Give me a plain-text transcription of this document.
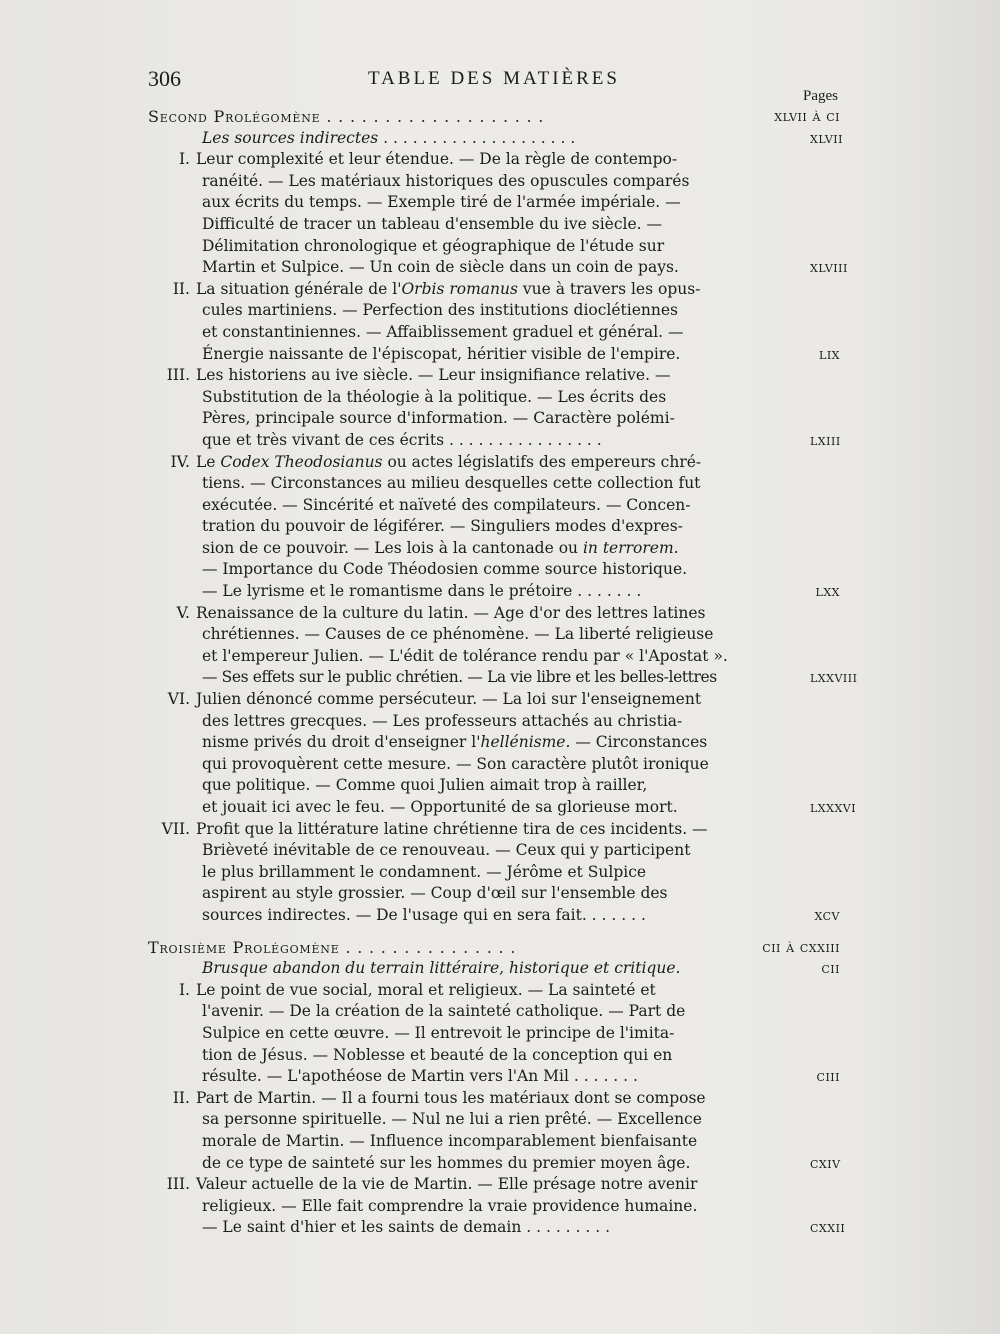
306	TABLE DES MATIÈRES
Pages
Second Prolégomène . . . . . . . . . . . . . . . . . . .	xlvii à ci
Les sources indirectes . . . . . . . . . . . . . . . . . . . .	xlvii
I. Leur complexité et leur étendue. — De la règle de contempo-
ranéité. — Les matériaux historiques des opuscules comparés
aux écrits du temps. — Exemple tiré de l'armée impériale. —
Difficulté de tracer un tableau d'ensemble du ive siècle. —
Délimitation chronologique et géographique de l'étude sur
Martin et Sulpice. — Un coin de siècle dans un coin de pays.	xlviii
II. La situation générale de l'Orbis romanus vue à travers les opus-
cules martiniens. — Perfection des institutions dioclétiennes
et constantiniennes. — Affaiblissement graduel et général. —
Énergie naissante de l'épiscopat, héritier visible de l'empire.	lix
III. Les historiens au ive siècle. — Leur insignifiance relative. —
Substitution de la théologie à la politique. — Les écrits des
Pères, principale source d'information. — Caractère polémi-
que et très vivant de ces écrits . . . . . . . . . . . . . . . .	lxiii
IV. Le Codex Theodosianus ou actes législatifs des empereurs chré-
tiens. — Circonstances au milieu desquelles cette collection fut
exécutée. — Sincérité et naïveté des compilateurs. — Concen-
tration du pouvoir de légiférer. — Singuliers modes d'expres-
sion de ce pouvoir. — Les lois à la cantonade ou in terrorem.
— Importance du Code Théodosien comme source historique.
— Le lyrisme et le romantisme dans le prétoire . . . . . . .	lxx
V. Renaissance de la culture du latin. — Age d'or des lettres latines
chrétiennes. — Causes de ce phénomène. — La liberté religieuse
et l'empereur Julien. — L'édit de tolérance rendu par « l'Apostat ».
— Ses effets sur le public chrétien. — La vie libre et les belles-lettres	lxxviii
VI. Julien dénoncé comme persécuteur. — La loi sur l'enseignement
des lettres grecques. — Les professeurs attachés au christia-
nisme privés du droit d'enseigner l'hellénisme. — Circonstances
qui provoquèrent cette mesure. — Son caractère plutôt ironique
que politique. — Comme quoi Julien aimait trop à railler,
et jouait ici avec le feu. — Opportunité de sa glorieuse mort.	lxxxvi
VII. Profit que la littérature latine chrétienne tira de ces incidents. —
Brièveté inévitable de ce renouveau. — Ceux qui y participent
le plus brillamment le condamnent. — Jérôme et Sulpice
aspirent au style grossier. — Coup d'œil sur l'ensemble des
sources indirectes. — De l'usage qui en sera fait. . . . . . .	xcv
Troisième Prolégomène . . . . . . . . . . . . . . .	cii à cxxiii
Brusque abandon du terrain littéraire, historique et critique.	cii
I. Le point de vue social, moral et religieux. — La sainteté et
l'avenir. — De la création de la sainteté catholique. — Part de
Sulpice en cette œuvre. — Il entrevoit le principe de l'imita-
tion de Jésus. — Noblesse et beauté de la conception qui en
résulte. — L'apothéose de Martin vers l'An Mil . . . . . . .	ciii
II. Part de Martin. — Il a fourni tous les matériaux dont se compose
sa personne spirituelle. — Nul ne lui a rien prêté. — Excellence
morale de Martin. — Influence incomparablement bienfaisante
de ce type de sainteté sur les hommes du premier moyen âge.	cxiv
III. Valeur actuelle de la vie de Martin. — Elle présage notre avenir
religieux. — Elle fait comprendre la vraie providence humaine.
— Le saint d'hier et les saints de demain . . . . . . . . .	cxxii
